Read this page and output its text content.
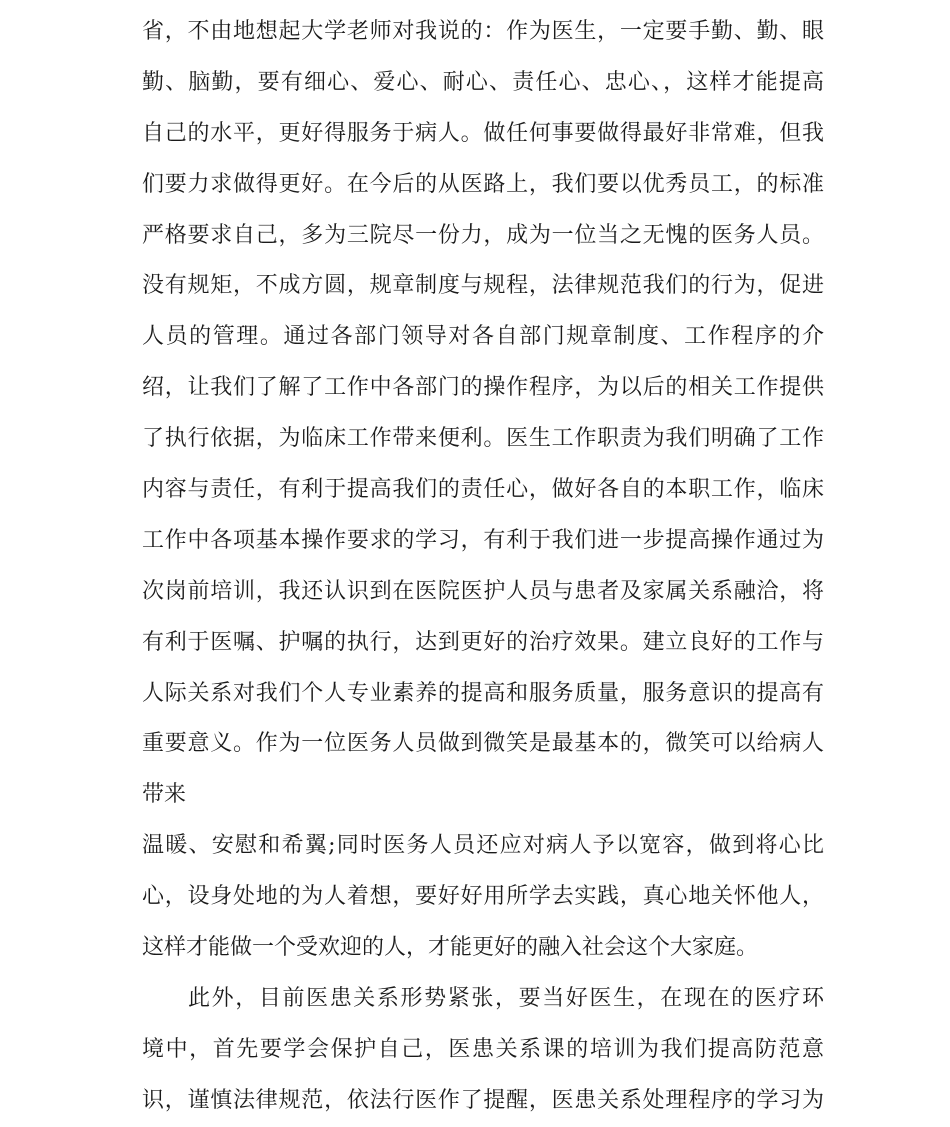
省，不由地想起大学老师对我说的：作为医生，一定要手勤、勤、眼
勤、脑勤，要有细心、爱心、耐心、责任心、忠心、，这样才能提高
自己的水平，更好得服务于病人。做任何事要做得最好非常难，但我
们要力求做得更好。在今后的从医路上，我们要以优秀员工，的标准
严格要求自己，多为三院尽一份力，成为一位当之无愧的医务人员。
没有规矩，不成方圆，规章制度与规程，法律规范我们的行为，促进
人员的管理。通过各部门领导对各自部门规章制度、工作程序的介
绍，让我们了解了工作中各部门的操作程序，为以后的相关工作提供
了执行依据，为临床工作带来便利。医生工作职责为我们明确了工作
内容与责任，有利于提高我们的责任心，做好各自的本职工作，临床
工作中各项基本操作要求的学习，有利于我们进一步提高操作通过为
次岗前培训，我还认识到在医院医护人员与患者及家属关系融洽，将
有利于医嘱、护嘱的执行，达到更好的治疗效果。建立良好的工作与
人际关系对我们个人专业素养的提高和服务质量，服务意识的提高有
重要意义。作为一位医务人员做到微笑是最基本的，微笑可以给病人
带来
温暖、安慰和希翼;同时医务人员还应对病人予以宽容，做到将心比
心，设身处地的为人着想，要好好用所学去实践，真心地关怀他人，
这样才能做一个受欢迎的人，才能更好的融入社会这个大家庭。
此外，目前医患关系形势紧张，要当好医生，在现在的医疗环
境中，首先要学会保护自己，医患关系课的培训为我们提高防范意
识，谨慎法律规范，依法行医作了提醒，医患关系处理程序的学习为
